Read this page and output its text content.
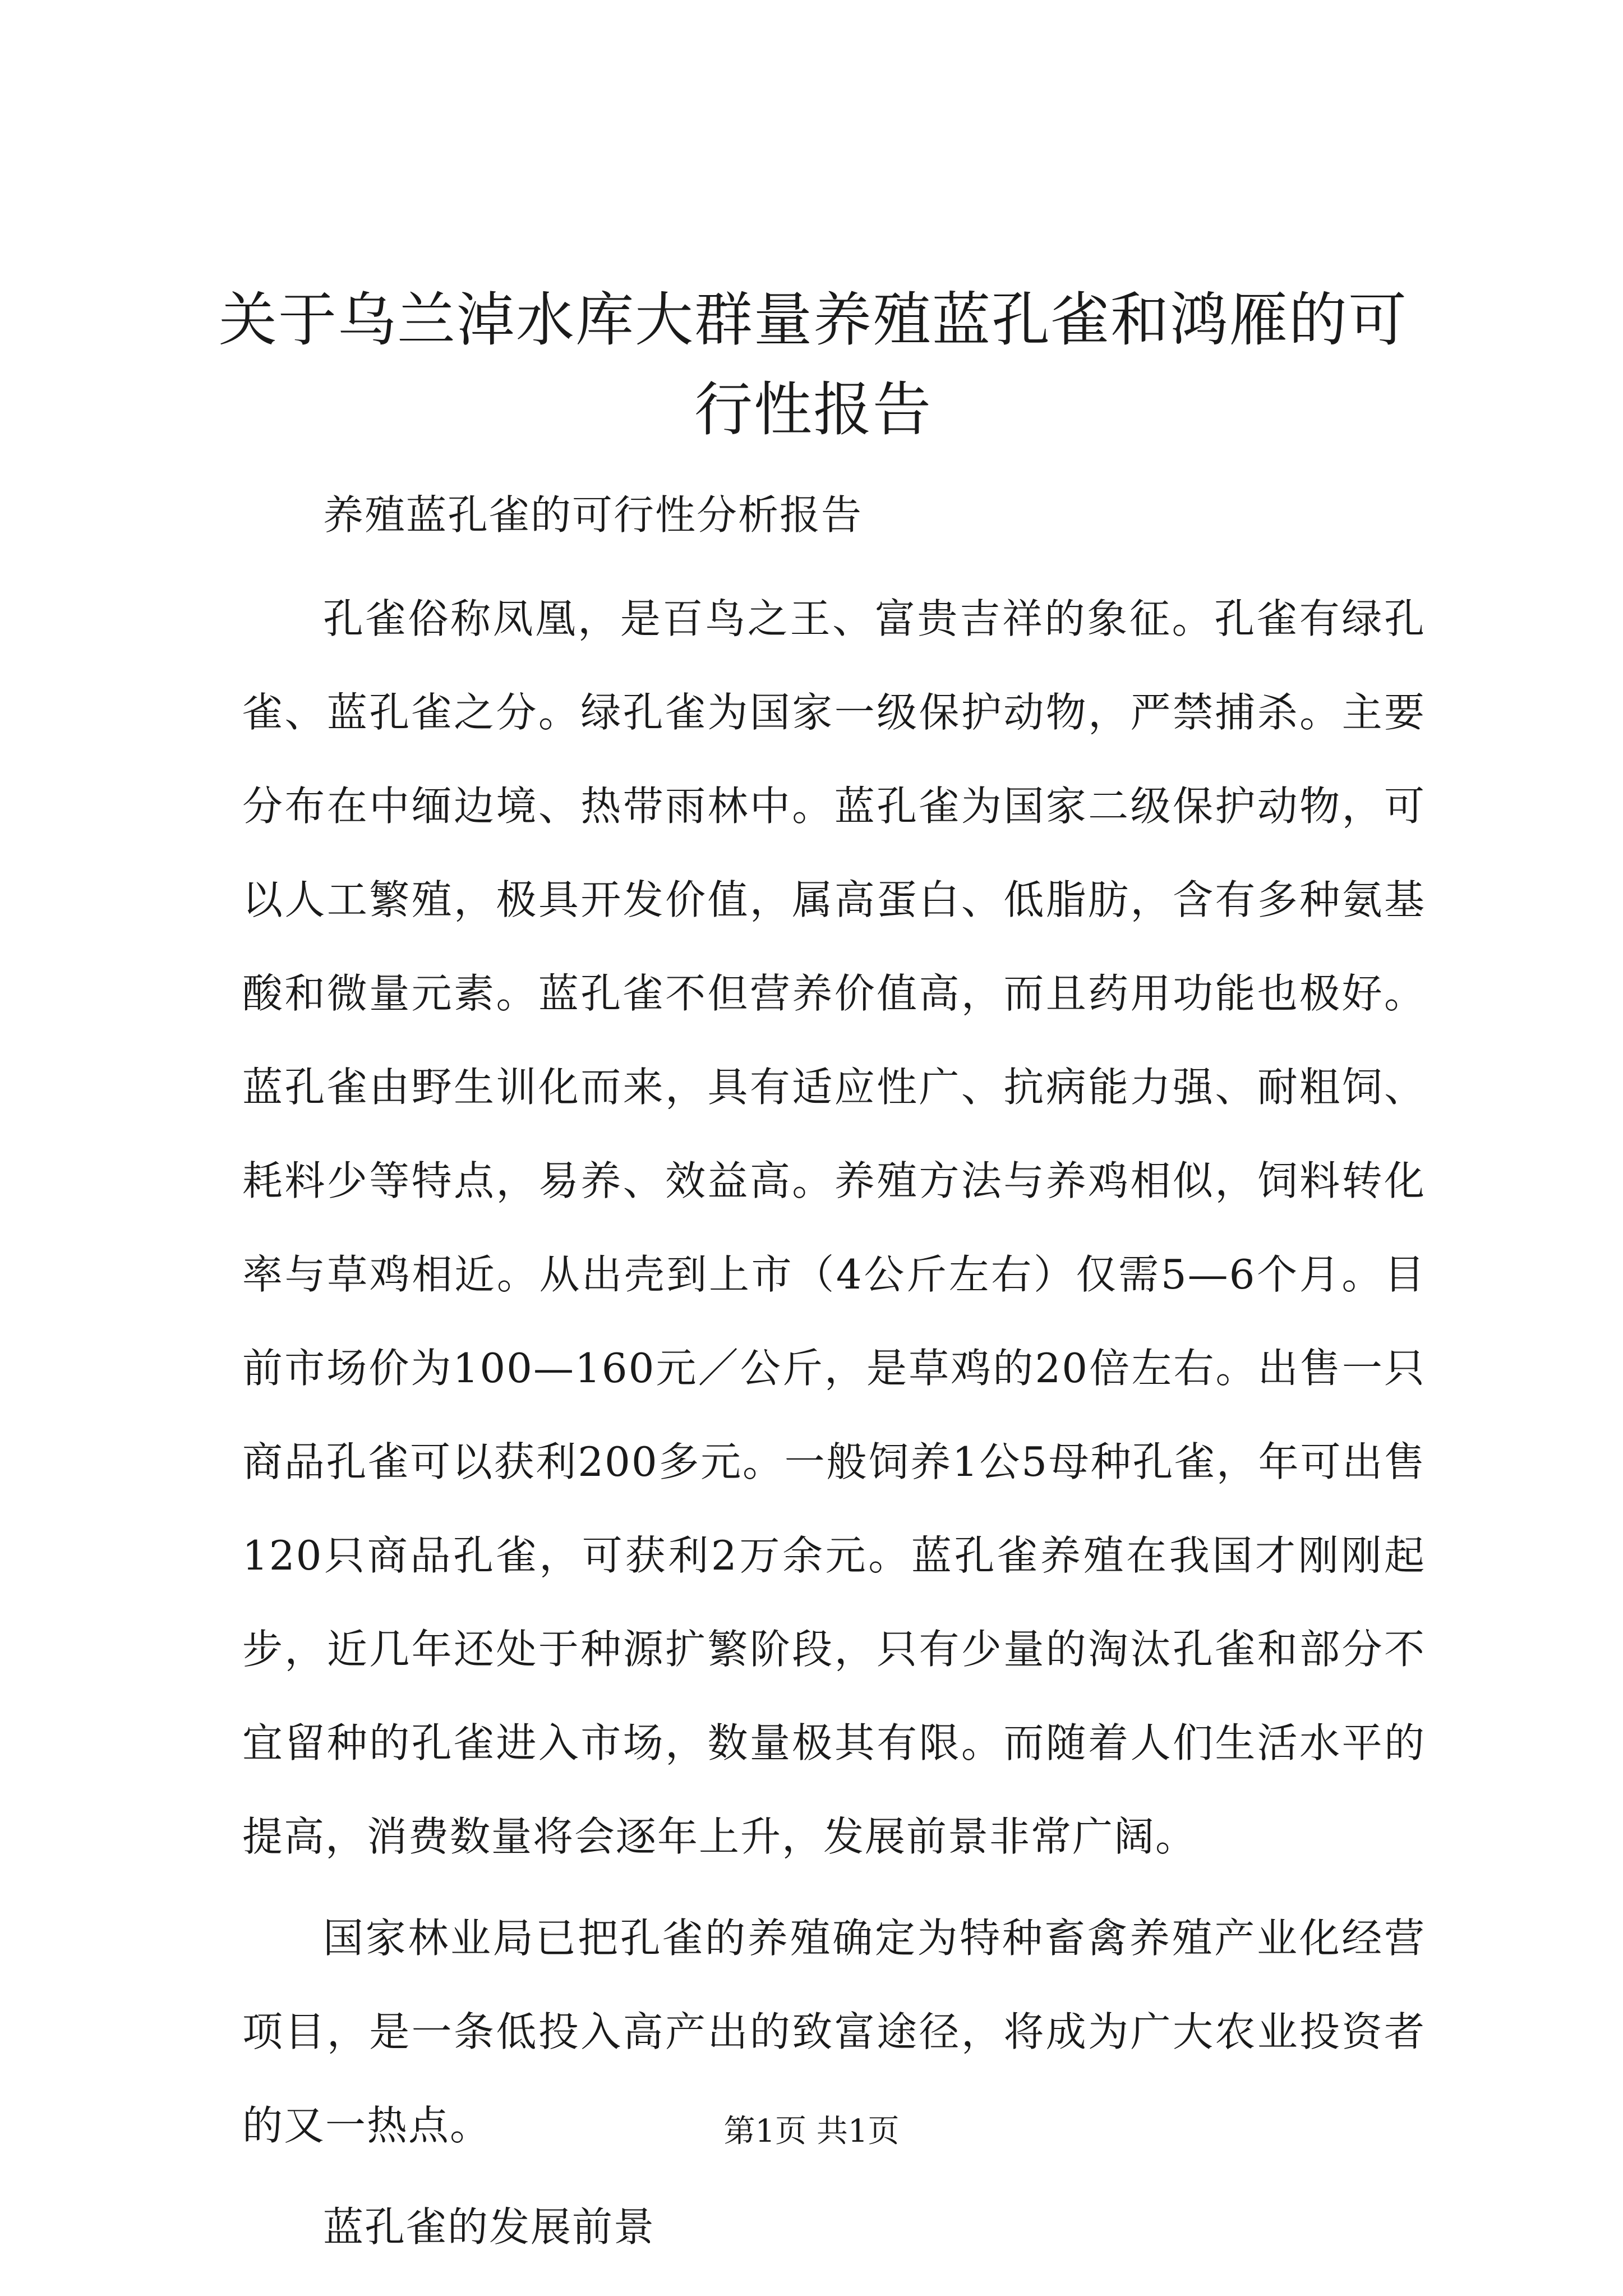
关于乌兰淖水库大群量养殖蓝孔雀和鸿雁的可行性报告

养殖蓝孔雀的可行性分析报告

孔雀俗称凤凰，是百鸟之王、富贵吉祥的象征。孔雀有绿孔雀、蓝孔雀之分。绿孔雀为国家一级保护动物，严禁捕杀。主要分布在中缅边境、热带雨林中。蓝孔雀为国家二级保护动物，可以人工繁殖，极具开发价值，属高蛋白、低脂肪，含有多种氨基酸和微量元素。蓝孔雀不但营养价值高，而且药用功能也极好。蓝孔雀由野生训化而来，具有适应性广、抗病能力强、耐粗饲、耗料少等特点，易养、效益高。养殖方法与养鸡相似，饲料转化率与草鸡相近。从出壳到上市（4公斤左右）仅需5—6个月。目前市场价为100—160元／公斤，是草鸡的20倍左右。出售一只商品孔雀可以获利200多元。一般饲养1公5母种孔雀，年可出售120只商品孔雀，可获利2万余元。蓝孔雀养殖在我国才刚刚起步，近几年还处于种源扩繁阶段，只有少量的淘汰孔雀和部分不宜留种的孔雀进入市场，数量极其有限。而随着人们生活水平的提高，消费数量将会逐年上升，发展前景非常广阔。

国家林业局已把孔雀的养殖确定为特种畜禽养殖产业化经营项目，是一条低投入高产出的致富途径，将成为广大农业投资者的又一热点。

蓝孔雀的发展前景

第1页 共1页
